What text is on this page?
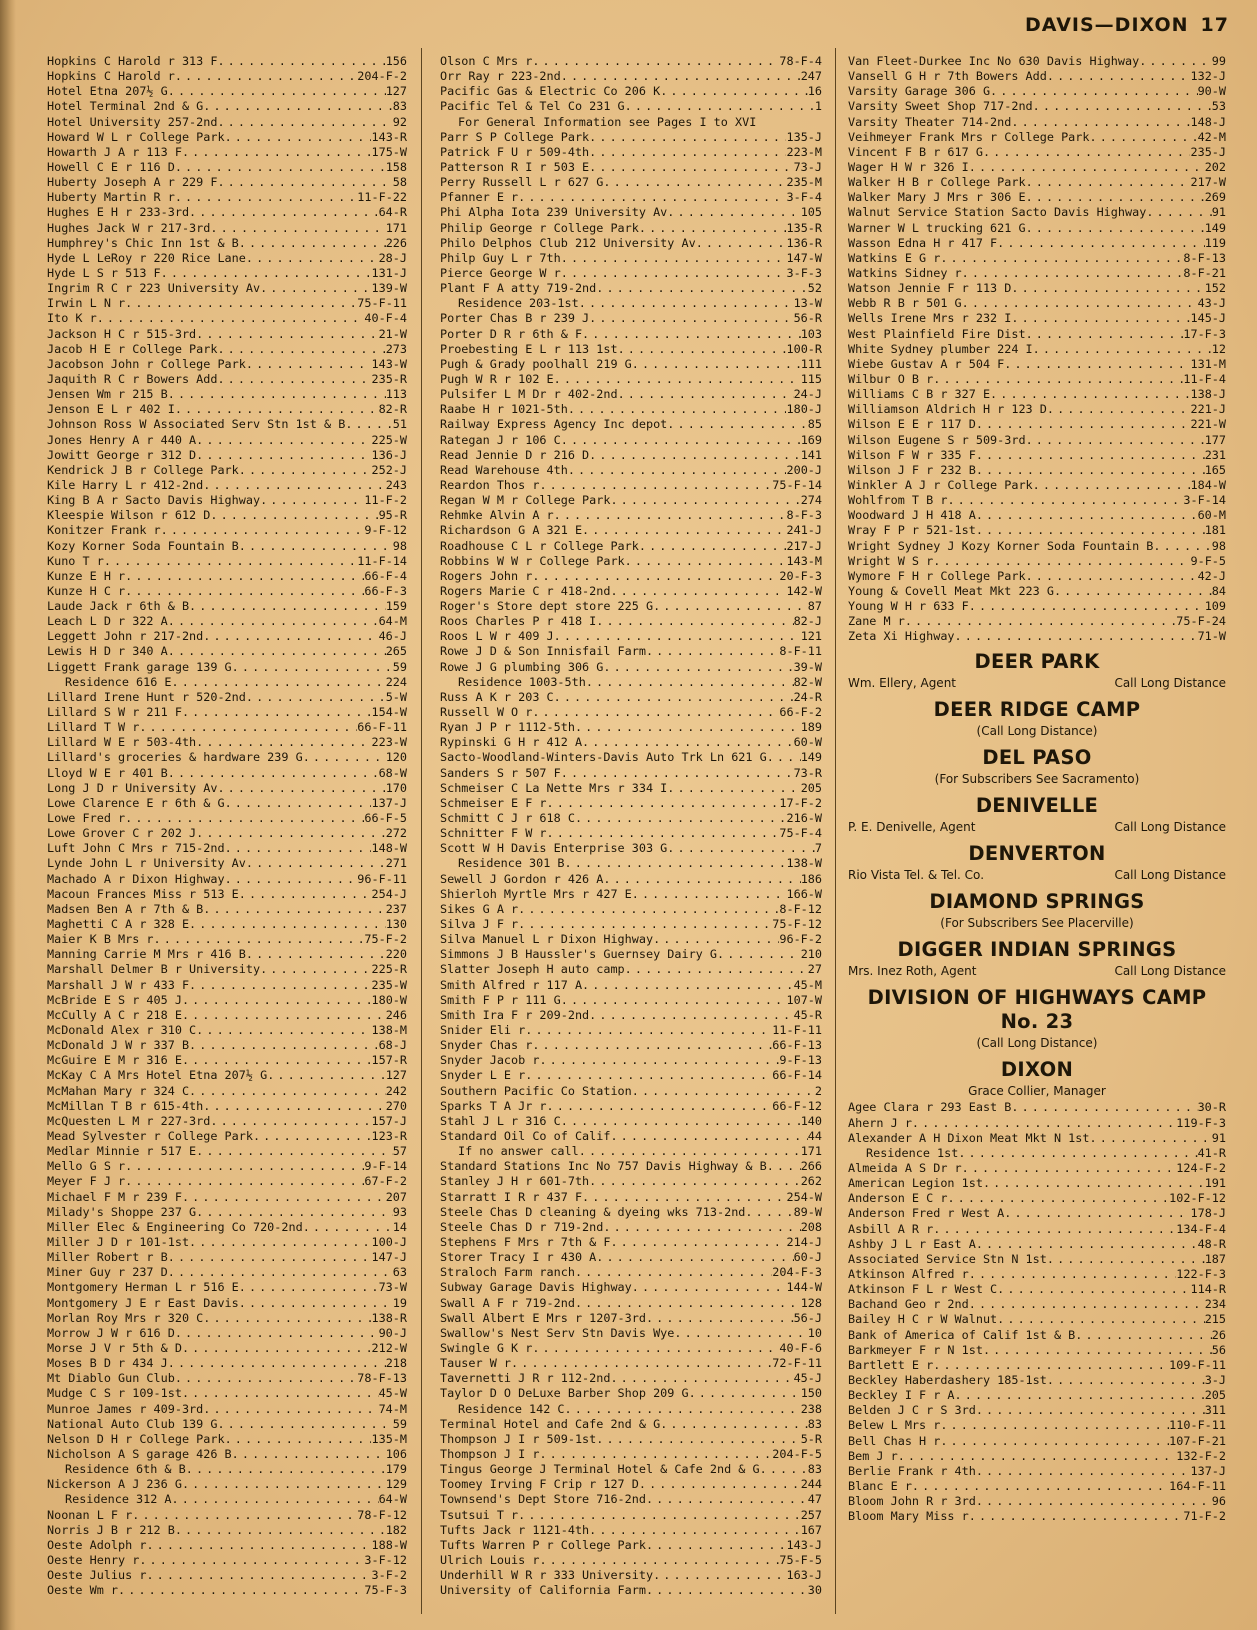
DAVIS—DIXON 17
Hopkins C Harold r 313 F . . .	156
Hopkins C Harold r . . .	204-F-2
Hotel Etna 207½ G . . .	127
Hotel Terminal 2nd & G . . .	83
Hotel University 257-2nd . . .	92
Howard W L r College Park . . .	143-R
Howarth J A r 113 F . . .	175-W
Howell C E r 116 D . . .	158
Huberty Joseph A r 229 F . . .	58
Huberty Martin R r . . .	11-F-22
Hughes E H r 233-3rd . . .	64-R
Hughes Jack W r 217-3rd . . .	171
Humphrey's Chic Inn 1st & B . . .	226
Hyde L LeRoy r 220 Rice Lane . . .	28-J
Hyde L S r 513 F . . .	131-J
Ingrim R C r 223 University Av . . .	139-W
Irwin L N r . . .	75-F-11
Ito K r . . .	40-F-4
Jackson H C r 515-3rd . . .	21-W
Jacob H E r College Park . . .	273
Jacobson John r College Park . . .	143-W
Jaquith R C r Bowers Add . . .	235-R
Jensen Wm r 215 B . . .	113
Jenson E L r 402 I . . .	82-R
Johnson Ross W Associated Serv Stn 1st & B . . .	51
Jones Henry A r 440 A . . .	225-W
Jowitt George r 312 D . . .	136-J
Kendrick J B r College Park . . .	252-J
Kile Harry L r 412-2nd . . .	243
King B A r Sacto Davis Highway . . .	11-F-2
Kleespie Wilson r 612 D . . .	95-R
Konitzer Frank r . . .	9-F-12
Kozy Korner Soda Fountain B . . .	98
Kuno T r . . .	11-F-14
Kunze E H r . . .	66-F-4
Kunze H C r . . .	66-F-3
Laude Jack r 6th & B . . .	159
Leach L D r 322 A . . .	64-M
Leggett John r 217-2nd . . .	46-J
Lewis H D r 340 A . . .	265
Liggett Frank garage 139 G . . .	59
Residence 616 E . . .	224
Lillard Irene Hunt r 520-2nd . . .	5-W
Lillard S W r 211 F . . .	154-W
Lillard T W r . . .	66-F-11
Lillard W E r 503-4th . . .	223-W
Lillard's groceries & hardware 239 G . . .	120
Lloyd W E r 401 B . . .	68-W
Long J D r University Av . . .	170
Lowe Clarence E r 6th & G . . .	137-J
Lowe Fred r . . .	66-F-5
Lowe Grover C r 202 J . . .	272
Luft John C Mrs r 715-2nd . . .	148-W
Lynde John L r University Av . . .	271
Machado A r Dixon Highway . . .	96-F-11
Macoun Frances Miss r 513 E . . .	254-J
Madsen Ben A r 7th & B . . .	237
Maghetti C A r 328 E . . .	130
Maier K B Mrs r . . .	75-F-2
Manning Carrie M Mrs r 416 B . . .	220
Marshall Delmer B r University . . .	225-R
Marshall J W r 433 F . . .	235-W
McBride E S r 405 J . . .	180-W
McCully A C r 218 E . . .	246
McDonald Alex r 310 C . . .	138-M
McDonald J W r 337 B . . .	68-J
McGuire E M r 316 E . . .	157-R
McKay C A Mrs Hotel Etna 207½ G . . .	127
McMahan Mary r 324 C . . .	242
McMillan T B r 615-4th . . .	270
McQuesten L M r 227-3rd . . .	157-J
Mead Sylvester r College Park . . .	123-R
Medlar Minnie r 517 E . . .	57
Mello G S r . . .	9-F-14
Meyer F J r . . .	67-F-2
Michael F M r 239 F . . .	207
Milady's Shoppe 237 G . . .	93
Miller Elec & Engineering Co 720-2nd . . .	14
Miller J D r 101-1st . . .	100-J
Miller Robert r B . . .	147-J
Miner Guy r 237 D . . .	63
Montgomery Herman L r 516 E . . .	73-W
Montgomery J E r East Davis . . .	19
Morlan Roy Mrs r 320 C . . .	138-R
Morrow J W r 616 D . . .	90-J
Morse J V r 5th & D . . .	212-W
Moses B D r 434 J . . .	218
Mt Diablo Gun Club . . .	78-F-13
Mudge C S r 109-1st . . .	45-W
Munroe James r 409-3rd . . .	74-M
National Auto Club 139 G . . .	59
Nelson D H r College Park . . .	135-M
Nicholson A S garage 426 B . . .	106
Residence 6th & B . . .	179
Nickerson A J 236 G . . .	129
Residence 312 A . . .	64-W
Noonan L F r . . .	78-F-12
Norris J B r 212 B . . .	182
Oeste Adolph r . . .	188-W
Oeste Henry r . . .	3-F-12
Oeste Julius r . . .	3-F-2
Oeste Wm r . . .	75-F-3
Olson C Mrs r . . .	78-F-4
Orr Ray r 223-2nd . . .	247
Pacific Gas & Electric Co 206 K . . .	16
Pacific Tel & Tel Co 231 G . . .	1
For General Information see Pages I to XVI
Parr S P College Park . . .	135-J
Patrick F U r 509-4th . . .	223-M
Patterson R I r 503 E . . .	73-J
Perry Russell L r 627 G . . .	235-M
Pfanner E r . . .	3-F-4
Phi Alpha Iota 239 University Av . . .	105
Philip George r College Park . . .	135-R
Philo Delphos Club 212 University Av . . .	136-R
Philp Guy L r 7th . . .	147-W
Pierce George W r . . .	3-F-3
Plant F A atty 719-2nd . . .	52
Residence 203-1st . . .	13-W
Porter Chas B r 239 J . . .	56-R
Porter D R r 6th & F . . .	103
Proebesting E L r 113 1st . . .	100-R
Pugh & Grady poolhall 219 G . . .	111
Pugh W R r 102 E . . .	115
Pulsifer L M Dr r 402-2nd . . .	24-J
Raabe H r 1021-5th . . .	180-J
Railway Express Agency Inc depot . . .	85
Rategan J r 106 C . . .	169
Read Jennie D r 216 D . . .	141
Read Warehouse 4th . . .	200-J
Reardon Thos r . . .	75-F-14
Regan W M r College Park . . .	274
Rehmke Alvin A r . . .	8-F-3
Richardson G A 321 E . . .	241-J
Roadhouse C L r College Park . . .	217-J
Robbins W W r College Park . . .	143-M
Rogers John r . . .	20-F-3
Rogers Marie C r 418-2nd . . .	142-W
Roger's Store dept store 225 G . . .	87
Roos Charles P r 418 I . . .	82-J
Roos L W r 409 J . . .	121
Rowe J D & Son Innisfail Farm . . .	8-F-11
Rowe J G plumbing 306 G . . .	39-W
Residence 1003-5th . . .	82-W
Russ A K r 203 C . . .	24-R
Russell W O r . . .	66-F-2
Ryan J P r 1112-5th . . .	189
Rypinski G H r 412 A . . .	60-W
Sacto-Woodland-Winters-Davis Auto Trk Ln 621 G . . .	149
Sanders S r 507 F . . .	73-R
Schmeiser C La Nette Mrs r 334 I . . .	205
Schmeiser E F r . . .	17-F-2
Schmitt C J r 618 C . . .	216-W
Schnitter F W r . . .	75-F-4
Scott W H Davis Enterprise 303 G . . .	7
Residence 301 B . . .	138-W
Sewell J Gordon r 426 A . . .	186
Shierloh Myrtle Mrs r 427 E . . .	166-W
Sikes G A r . . .	8-F-12
Silva J F r . . .	75-F-12
Silva Manuel L r Dixon Highway . . .	96-F-2
Simmons J B Haussler's Guernsey Dairy G . . .	210
Slatter Joseph H auto camp . . .	27
Smith Alfred r 117 A . . .	45-M
Smith F P r 111 G . . .	107-W
Smith Ira F r 209-2nd . . .	45-R
Snider Eli r . . .	11-F-11
Snyder Chas r . . .	66-F-13
Snyder Jacob r . . .	9-F-13
Snyder L E r . . .	66-F-14
Southern Pacific Co Station . . .	2
Sparks T A Jr r . . .	66-F-12
Stahl J L r 316 C . . .	140
Standard Oil Co of Calif . . .	44
If no answer call . . .	171
Standard Stations Inc No 757 Davis Highway & B . . .	266
Stanley J H r 601-7th . . .	262
Starratt I R r 437 F . . .	254-W
Steele Chas D cleaning & dyeing wks 713-2nd . . .	89-W
Steele Chas D r 719-2nd . . .	208
Stephens F Mrs r 7th & F . . .	214-J
Storer Tracy I r 430 A . . .	60-J
Straloch Farm ranch . . .	204-F-3
Subway Garage Davis Highway . . .	144-W
Swall A F r 719-2nd . . .	128
Swall Albert E Mrs r 1207-3rd . . .	56-J
Swallow's Nest Serv Stn Davis Wye . . .	10
Swingle G K r . . .	40-F-6
Tauser W r . . .	72-F-11
Tavernetti J R r 112-2nd . . .	45-J
Taylor D O DeLuxe Barber Shop 209 G . . .	150
Residence 142 C . . .	238
Terminal Hotel and Cafe 2nd & G . . .	83
Thompson J I r 509-1st . . .	5-R
Thompson J I r . . .	204-F-5
Tingus George J Terminal Hotel & Cafe 2nd & G . . .	83
Toomey Irving F Crip r 127 D . . .	244
Townsend's Dept Store 716-2nd . . .	47
Tsutsui T r . . .	257
Tufts Jack r 1121-4th . . .	167
Tufts Warren P r College Park . . .	143-J
Ulrich Louis r . . .	75-F-5
Underhill W R r 333 University . . .	163-J
University of California Farm . . .	30
Van Fleet-Durkee Inc No 630 Davis Highway . . .	99
Vansell G H r 7th Bowers Add . . .	132-J
Varsity Garage 306 G . . .	90-W
Varsity Sweet Shop 717-2nd . . .	53
Varsity Theater 714-2nd . . .	148-J
Veihmeyer Frank Mrs r College Park . . .	42-M
Vincent F B r 617 G . . .	235-J
Wager H W r 326 I . . .	202
Walker H B r College Park . . .	217-W
Walker Mary J Mrs r 306 E . . .	269
Walnut Service Station Sacto Davis Highway . . .	91
Warner W L trucking 621 G . . .	149
Wasson Edna H r 417 F . . .	119
Watkins E G r . . .	8-F-13
Watkins Sidney r . . .	8-F-21
Watson Jennie F r 113 D . . .	152
Webb R B r 501 G . . .	43-J
Wells Irene Mrs r 232 I . . .	145-J
West Plainfield Fire Dist . . .	17-F-3
White Sydney plumber 224 I . . .	12
Wiebe Gustav A r 504 F . . .	131-M
Wilbur O B r . . .	11-F-4
Williams C B r 327 E . . .	138-J
Williamson Aldrich H r 123 D . . .	221-J
Wilson E E r 117 D . . .	221-W
Wilson Eugene S r 509-3rd . . .	177
Wilson F W r 335 F . . .	231
Wilson J F r 232 B . . .	165
Winkler A J r College Park . . .	184-W
Wohlfrom T B r . . .	3-F-14
Woodward J H 418 A . . .	60-M
Wray F P r 521-1st . . .	181
Wright Sydney J Kozy Korner Soda Fountain B . . .	98
Wright W S r . . .	9-F-5
Wymore F H r College Park . . .	42-J
Young & Covell Meat Mkt 223 G . . .	84
Young W H r 633 F . . .	109
Zane M r . . .	75-F-24
Zeta Xi Highway . . .	71-W
DEER PARK
Wm. Ellery, Agent	Call Long Distance
DEER RIDGE CAMP
(Call Long Distance)
DEL PASO
(For Subscribers See Sacramento)
DENIVELLE
P. E. Denivelle, Agent	Call Long Distance
DENVERTON
Rio Vista Tel. & Tel. Co.	Call Long Distance
DIAMOND SPRINGS
(For Subscribers See Placerville)
DIGGER INDIAN SPRINGS
Mrs. Inez Roth, Agent	Call Long Distance
DIVISION OF HIGHWAYS CAMP
No. 23
(Call Long Distance)
DIXON
Grace Collier, Manager
Agee Clara r 293 East B . . .	30-R
Ahern J r . . .	119-F-3
Alexander A H Dixon Meat Mkt N 1st . . .	91
Residence 1st . . .	41-R
Almeida A S Dr r . . .	124-F-2
American Legion 1st . . .	191
Anderson E C r . . .	102-F-12
Anderson Fred r West A . . .	178-J
Asbill A R r . . .	134-F-4
Ashby J L r East A . . .	48-R
Associated Service Stn N 1st . . .	187
Atkinson Alfred r . . .	122-F-3
Atkinson F L r West C . . .	114-R
Bachand Geo r 2nd . . .	234
Bailey H C r W Walnut . . .	215
Bank of America of Calif 1st & B . . .	26
Barkmeyer F r N 1st . . .	56
Bartlett E r . . .	109-F-11
Beckley Haberdashery 185-1st . . .	3-J
Beckley I F r A . . .	205
Belden J C r S 3rd . . .	311
Belew L Mrs r . . .	110-F-11
Bell Chas H r . . .	107-F-21
Bem J r . . .	132-F-2
Berlie Frank r 4th . . .	137-J
Blanc E r . . .	164-F-11
Bloom John R r 3rd . . .	96
Bloom Mary Miss r . . .	71-F-2
